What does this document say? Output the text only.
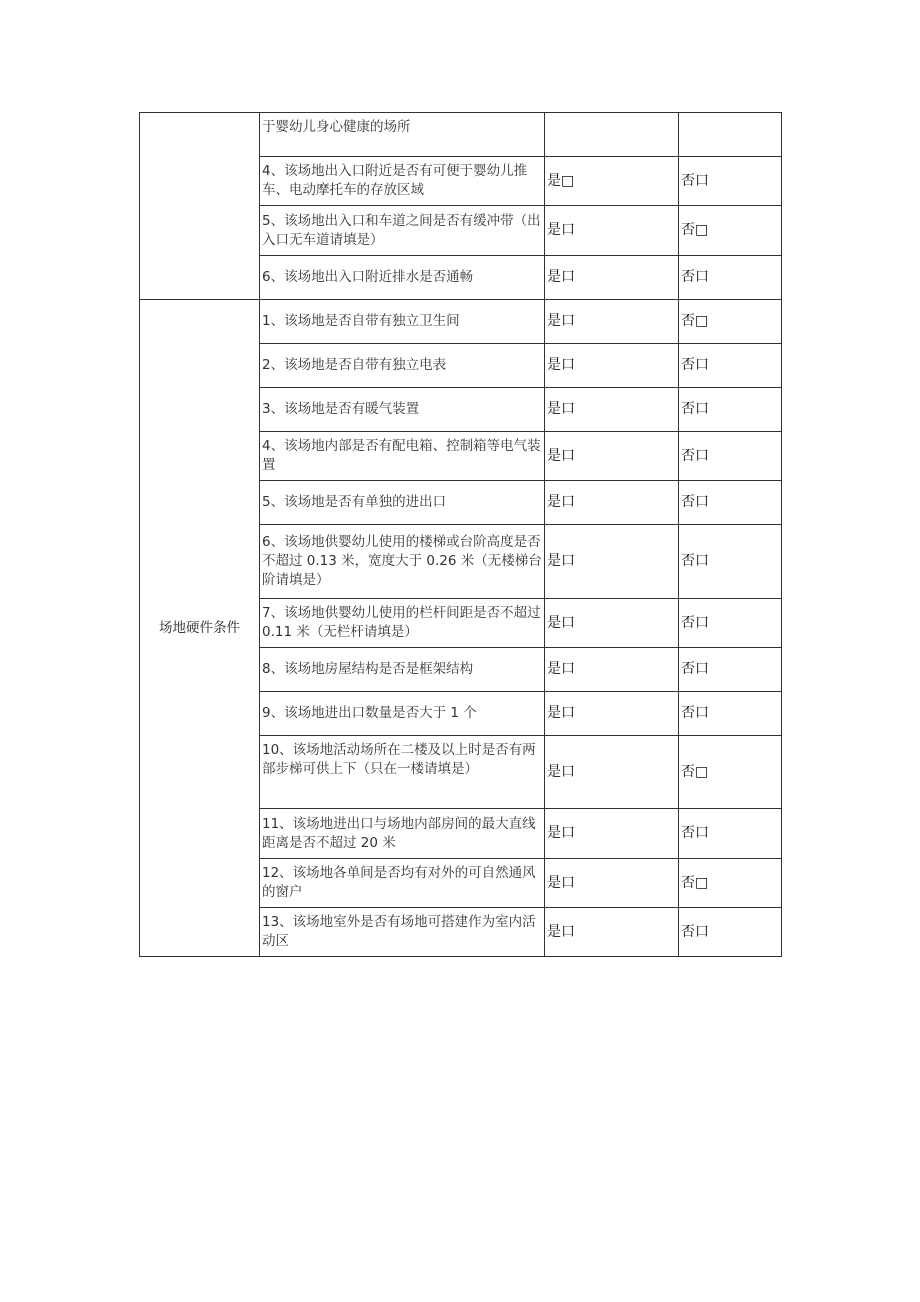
	于婴幼儿身心健康的场所		
	4、该场地出入口附近是否有可便于婴幼儿推车、电动摩托车的存放区域	是□	否口
	5、该场地出入口和车道之间是否有缓冲带（出入口无车道请填是）	是口	否□
	6、该场地出入口附近排水是否通畅	是口	否口
场地硬件条件	1、该场地是否自带有独立卫生间	是口	否□
	2、该场地是否自带有独立电表	是口	否口
	3、该场地是否有暖气装置	是口	否口
	4、该场地内部是否有配电箱、控制箱等电气装置	是口	否口
	5、该场地是否有单独的进出口	是口	否口
	6、该场地供婴幼儿使用的楼梯或台阶高度是否不超过 0.13 米，宽度大于 0.26 米（无楼梯台阶请填是）	是口	否口
	7、该场地供婴幼儿使用的栏杆间距是否不超过 0.11 米（无栏杆请填是）	是口	否口
	8、该场地房屋结构是否是框架结构	是口	否口
	9、该场地进出口数量是否大于 1 个	是口	否口
	10、该场地活动场所在二楼及以上时是否有两部步梯可供上下（只在一楼请填是）	是口	否□
	11、该场地进出口与场地内部房间的最大直线距离是否不超过 20 米	是口	否口
	12、该场地各单间是否均有对外的可自然通风的窗户	是口	否□
	13、该场地室外是否有场地可搭建作为室内活动区	是口	否口
